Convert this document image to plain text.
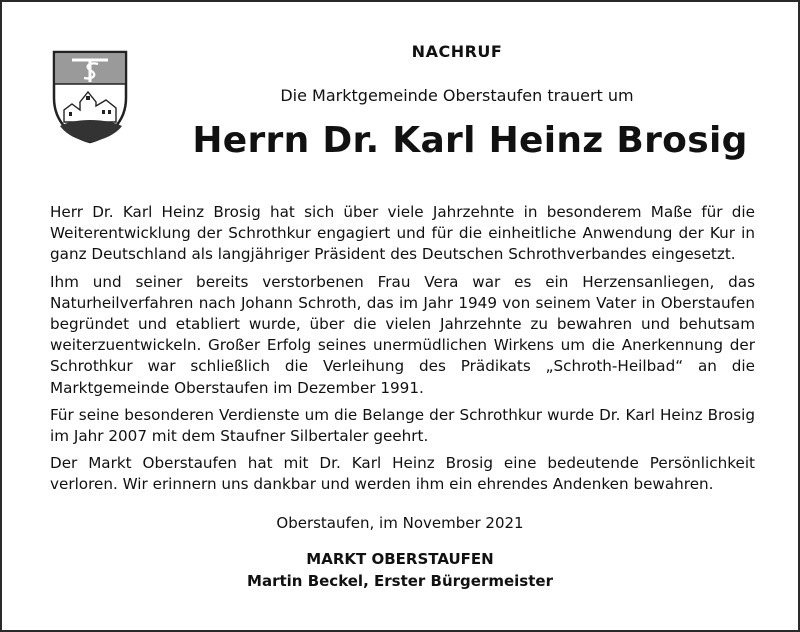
NACHRUF
Die Marktgemeinde Oberstaufen trauert um
Herrn Dr. Karl Heinz Brosig

Herr Dr. Karl Heinz Brosig hat sich über viele Jahrzehnte in besonderem Maße für die Weiterentwicklung der Schrothkur engagiert und für die einheitliche Anwendung der Kur in ganz Deutschland als langjähriger Präsident des Deutschen Schrothverbandes eingesetzt.

Ihm und seiner bereits verstorbenen Frau Vera war es ein Herzensanliegen, das Naturheilverfahren nach Johann Schroth, das im Jahr 1949 von seinem Vater in Oberstaufen begründet und etabliert wurde, über die vielen Jahrzehnte zu bewahren und behutsam weiterzuentwickeln. Großer Erfolg seines unermüdlichen Wirkens um die Anerkennung der Schrothkur war schließlich die Verleihung des Prädikats „Schroth-Heilbad“ an die Marktgemeinde Oberstaufen im Dezember 1991.

Für seine besonderen Verdienste um die Belange der Schrothkur wurde Dr. Karl Heinz Brosig im Jahr 2007 mit dem Staufner Silbertaler geehrt.

Der Markt Oberstaufen hat mit Dr. Karl Heinz Brosig eine bedeutende Persönlichkeit verloren. Wir erinnern uns dankbar und werden ihm ein ehrendes Andenken bewahren.

Oberstaufen, im November 2021
MARKT OBERSTAUFEN
Martin Beckel, Erster Bürgermeister
